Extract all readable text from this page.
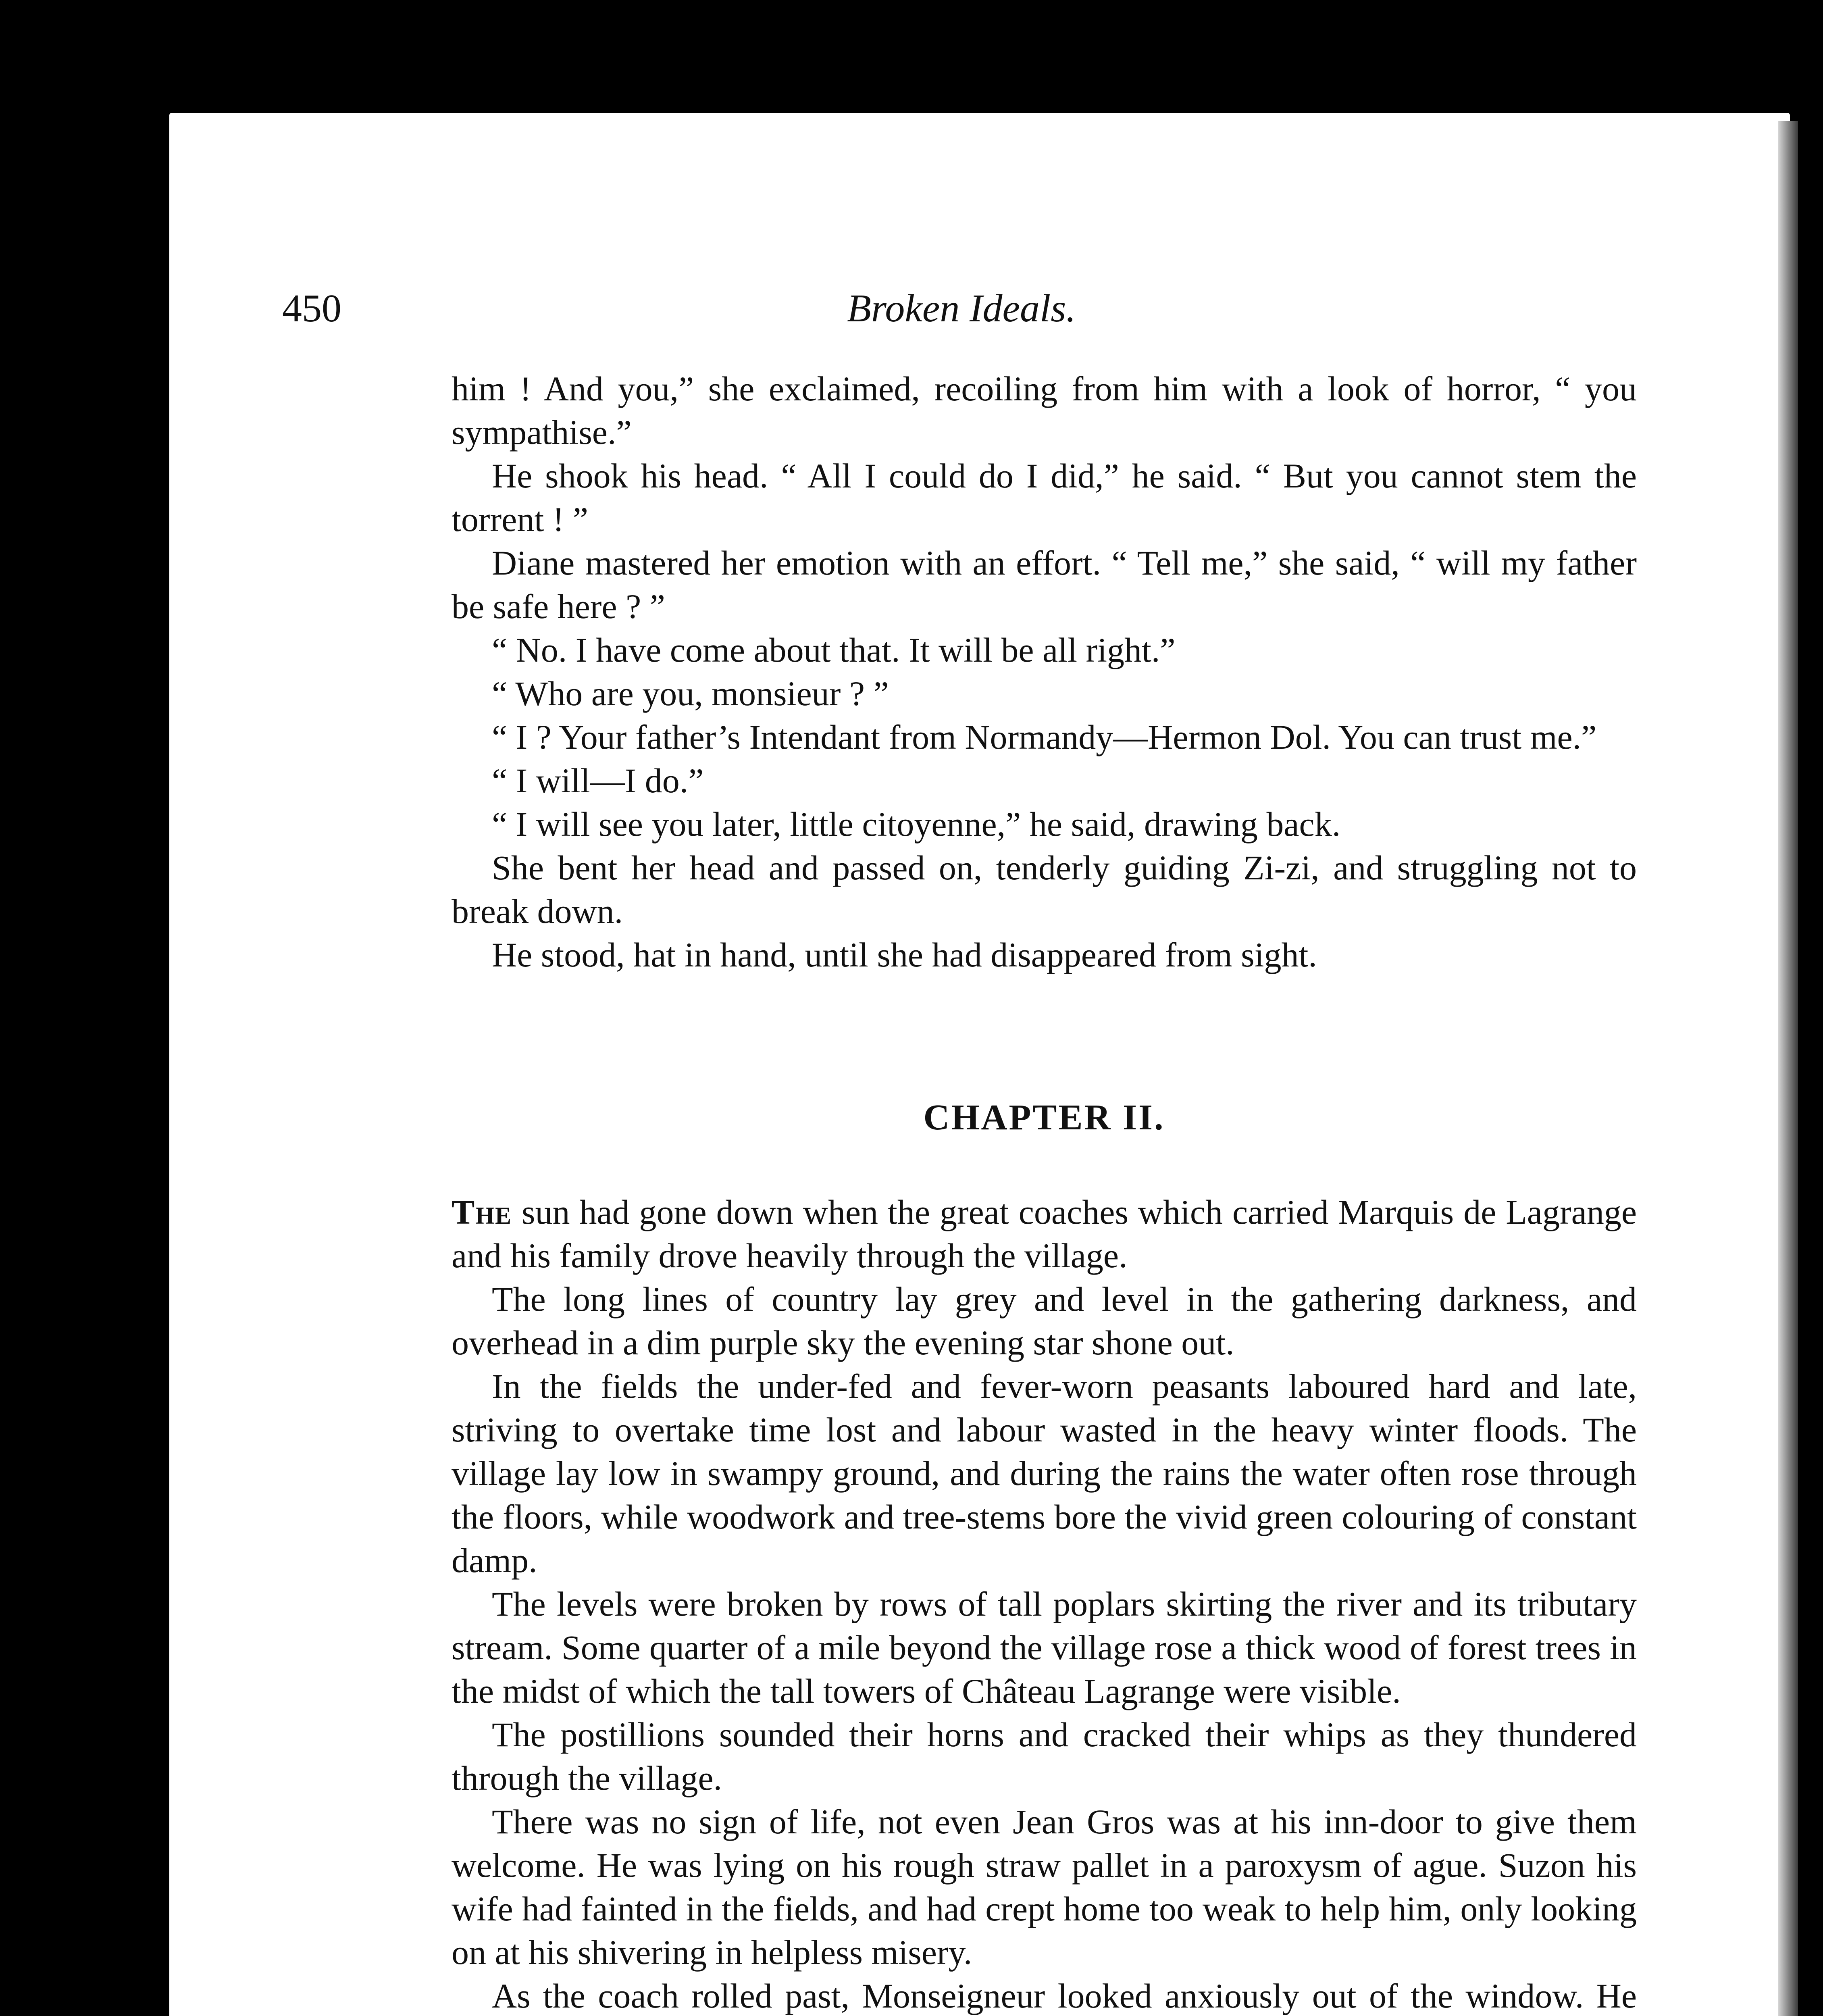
450	Broken Ideals.

him ! And you,” she exclaimed, recoiling from him with a look of horror, “ you sympathise.”

He shook his head. “ All I could do I did,” he said. “ But you cannot stem the torrent ! ”

Diane mastered her emotion with an effort. “ Tell me,” she said, “ will my father be safe here ? ”

“ No. I have come about that. It will be all right.”

“ Who are you, monsieur ? ”

“ I ? Your father’s Intendant from Normandy—Hermon Dol. You can trust me.”

“ I will—I do.”

“ I will see you later, little citoyenne,” he said, drawing back.

She bent her head and passed on, tenderly guiding Zi-zi, and struggling not to break down.

He stood, hat in hand, until she had disappeared from sight.

CHAPTER II.

The sun had gone down when the great coaches which carried Marquis de Lagrange and his family drove heavily through the village.

The long lines of country lay grey and level in the gathering darkness, and overhead in a dim purple sky the evening star shone out.

In the fields the under-fed and fever-worn peasants laboured hard and late, striving to overtake time lost and labour wasted in the heavy winter floods. The village lay low in swampy ground, and during the rains the water often rose through the floors, while woodwork and tree-stems bore the vivid green colouring of constant damp.

The levels were broken by rows of tall poplars skirting the river and its tributary stream. Some quarter of a mile beyond the village rose a thick wood of forest trees in the midst of which the tall towers of Château Lagrange were visible.

The postillions sounded their horns and cracked their whips as they thundered through the village.

There was no sign of life, not even Jean Gros was at his inn-door to give them welcome. He was lying on his rough straw pallet in a paroxysm of ague. Suzon his wife had fainted in the fields, and had crept home too weak to help him, only looking on at his shivering in helpless misery.

As the coach rolled past, Monseigneur looked anxiously out of the window. He
